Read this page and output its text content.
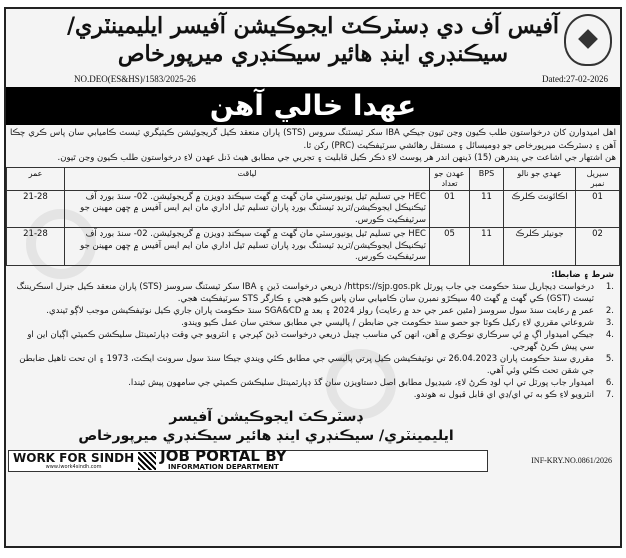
آفيس آف دي ڊسٽرڪٽ ايجوڪيشن آفيسر ايليمينٽري/
سيڪنڊري اينڊ هائير سيڪنڊري ميرپورخاص
NO.DEO(ES&HS)/1583/2025-26	Dated:27-02-2026
عهدا خالي آهن

اهل اميدوارن کان درخواستون طلب ڪيون وڃن ٿيون جيڪي IBA سکر ٽيسٽنگ سروس (STS) پاران منعقد ڪيل گريجوئيشن ڪيٽيگري ٽيسٽ ڪاميابي سان پاس ڪري چڪا آهن ۽ ڊسٽرڪٽ ميرپورخاص جو ڊوميسائل ۽ مستقل رهائشي سرٽيفڪيٽ (PRC) رکن ٿا.

هن اشتهار جي اشاعت جي پندرهن (15) ڏينهن اندر هر پوسٽ لاءِ ذڪر ڪيل قابليت ۽ تجربي جي مطابق هيٺ ڏنل عهدن لاءِ درخواستون طلب ڪيون وڃن ٿيون.

سيريل نمبر	عهدي جو نالو	BPS	عهدن جو تعداد	لياقت	عمر
01	اڪائونٽ ڪلرڪ	11	01	HEC جي تسليم ٿيل يونيورسٽي مان گهٽ ۾ گهٽ سيڪنڊ ڊويزن ۾ گريجوئيشن. 02- سنڌ بورڊ آف ٽيڪنيڪل ايجوڪيشن/ٽريڊ ٽيسٽنگ بورڊ پاران تسليم ٿيل اداري مان ايم ايس آفيس ۾ ڇهن مهينن جو سرٽيفڪيٽ ڪورس.	21-28
02	جونيئر ڪلرڪ	11	05	HEC جي تسليم ٿيل يونيورسٽي مان گهٽ ۾ گهٽ سيڪنڊ ڊويزن ۾ گريجوئيشن. 02- سنڌ بورڊ آف ٽيڪنيڪل ايجوڪيشن/ٽريڊ ٽيسٽنگ بورڊ پاران تسليم ٿيل اداري مان ايم ايس آفيس ۾ ڇهن مهينن جو سرٽيفڪيٽ ڪورس.	21-28
شرط ۽ ضابطا:
.1
درخواست ڊيڄاريل سنڌ حڪومت جي جاب پورٽل https://sjp.gos.pk/ ذريعي درخواست ڏين ۽ IBA سکر ٽيسٽنگ سروسز (STS) پاران منعقد ڪيل جنرل اسڪريننگ ٽيسٽ (GST) ڪي گهٽ ۾ گهٽ 40 سيڪڙو نمبرن سان ڪاميابي سان پاس ڪيو هجي ۽ ڪارگر STS سرٽيفڪيٽ هجي.
.2
عمر ۾ رعايت سنڌ سول سروسز (مٿين عمر جي حد ۾ رعايت) رولز 2024 ۽ بعد ۾ SGA&CD سنڌ حڪومت پاران جاري ڪيل نوٽيفڪيشن موجب لاڳو ٿيندي.
.3
شروعاتي مقرري لاءِ رکيل ڪوٽا جو حصو سنڌ حڪومت جي ضابطن / پاليسي جي مطابق سختي سان عمل ڪيو ويندو.
.4
جيڪي اميدوار اڳ ۾ ئي سرڪاري نوڪري ۾ آهن، انهن کي مناسب چينل ذريعي درخواست ڏيڻ کپرجي ۽ انٽرويو جي وقت ڊپارٽمينٽل سليڪشن ڪميٽي اڳيان اين او سي پيش ڪرڻ گهرجي.
.5
مقرري سنڌ حڪومت پاران 26.04.2023 تي نوٽيفڪيشن ڪيل ڀرتي پاليسي جي مطابق ڪئي ويندي جيڪا سنڌ سول سرونٽ ايڪٽ، 1973 ۽ ان تحت ٺاهيل ضابطن جي شقن تحت ڪئي وئي آهي.
.6
اميدوار جاب پورٽل تي اپ لوڊ ڪرڻ لاءِ، شيڊيول مطابق اصل دستاويزن سان گڏ ڊپارٽمينٽل سليڪشن ڪميٽي جي سامهون پيش ٿيندا.
.7
انٽرويو لاءِ ڪو به ٽي اي/ڊي اي قابل قبول نه هوندو.
ڊسٽرڪٽ ايجوڪيشن آفيسر
ايليمينٽري/ سيڪنڊري اينڊ هائير سيڪنڊري ميرپورخاص
WORK FOR SINDH
www.iwork4sindh.com
JOB PORTAL BY
INFORMATION DEPARTMENT
INF-KRY.NO.0861/2026
